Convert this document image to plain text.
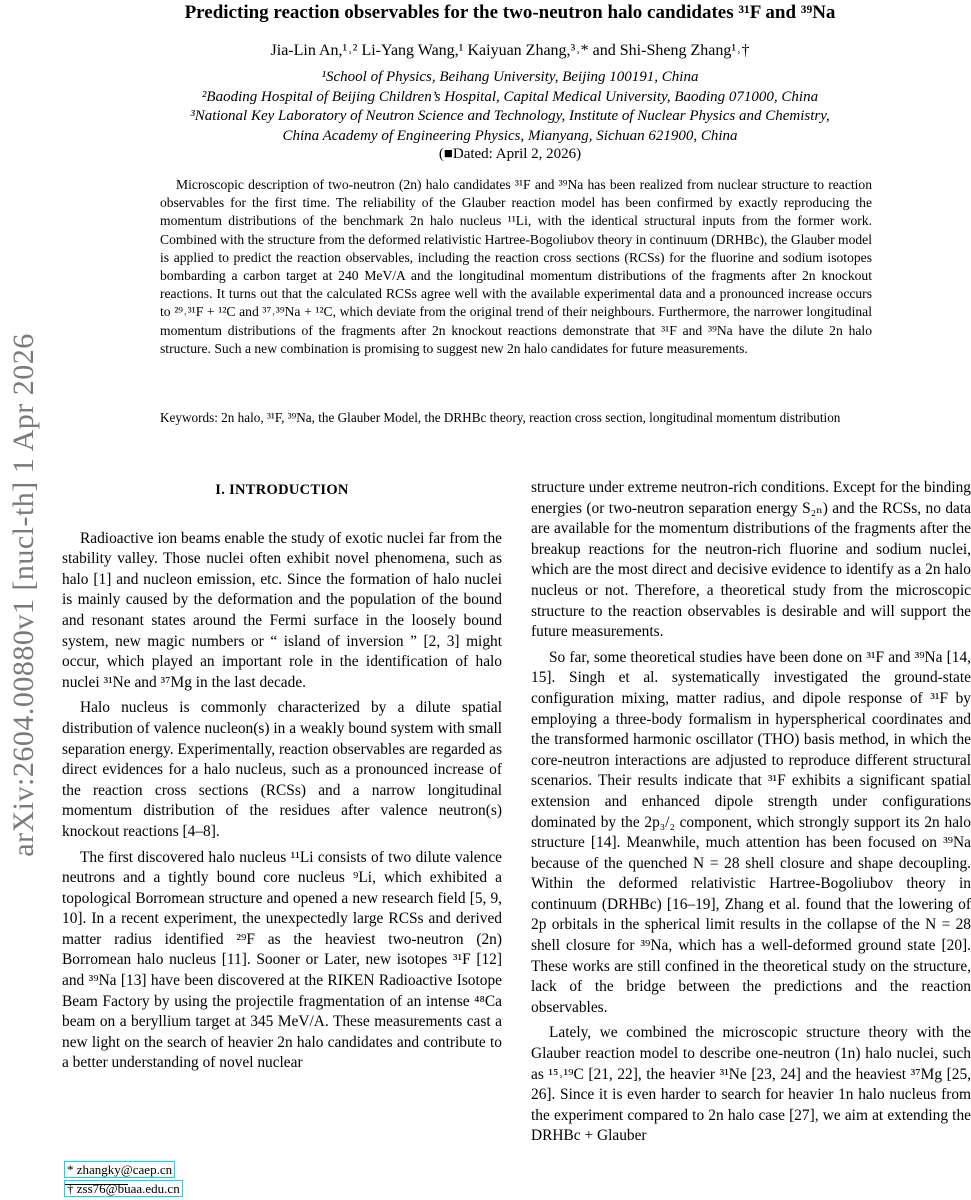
arXiv:2604.00880v1 [nucl-th] 1 Apr 2026
Predicting reaction observables for the two-neutron halo candidates ³¹F and ³⁹Na
Jia-Lin An,¹˒² Li-Yang Wang,¹ Kaiyuan Zhang,³˒* and Shi-Sheng Zhang¹˒†
¹School of Physics, Beihang University, Beijing 100191, China
²Baoding Hospital of Beijing Children’s Hospital, Capital Medical University, Baoding 071000, China
³National Key Laboratory of Neutron Science and Technology, Institute of Nuclear Physics and Chemistry,
China Academy of Engineering Physics, Mianyang, Sichuan 621900, China
(■Dated: April 2, 2026)

Microscopic description of two-neutron (2n) halo candidates ³¹F and ³⁹Na has been realized from nuclear structure to reaction observables for the first time. The reliability of the Glauber reaction model has been confirmed by exactly reproducing the momentum distributions of the benchmark 2n halo nucleus ¹¹Li, with the identical structural inputs from the former work. Combined with the structure from the deformed relativistic Hartree-Bogoliubov theory in continuum (DRHBc), the Glauber model is applied to predict the reaction observables, including the reaction cross sections (RCSs) for the fluorine and sodium isotopes bombarding a carbon target at 240 MeV/A and the longitudinal momentum distributions of the fragments after 2n knockout reactions. It turns out that the calculated RCSs agree well with the available experimental data and a pronounced increase occurs to ²⁹˒³¹F + ¹²C and ³⁷˒³⁹Na + ¹²C, which deviate from the original trend of their neighbours. Furthermore, the narrower longitudinal momentum distributions of the fragments after 2n knockout reactions demonstrate that ³¹F and ³⁹Na have the dilute 2n halo structure. Such a new combination is promising to suggest new 2n halo candidates for future measurements.

Keywords: 2n halo, ³¹F, ³⁹Na, the Glauber Model, the DRHBc theory, reaction cross section, longitudinal momentum distribution

I. INTRODUCTION

Radioactive ion beams enable the study of exotic nuclei far from the stability valley. Those nuclei often exhibit novel phenomena, such as halo [1] and nucleon emission, etc. Since the formation of halo nuclei is mainly caused by the deformation and the population of the bound and resonant states around the Fermi surface in the loosely bound system, new magic numbers or “ island of inversion ” [2, 3] might occur, which played an important role in the identification of halo nuclei ³¹Ne and ³⁷Mg in the last decade.

Halo nucleus is commonly characterized by a dilute spatial distribution of valence nucleon(s) in a weakly bound system with small separation energy. Experimentally, reaction observables are regarded as direct evidences for a halo nucleus, such as a pronounced increase of the reaction cross sections (RCSs) and a narrow longitudinal momentum distribution of the residues after valence neutron(s) knockout reactions [4–8].

The first discovered halo nucleus ¹¹Li consists of two dilute valence neutrons and a tightly bound core nucleus ⁹Li, which exhibited a topological Borromean structure and opened a new research field [5, 9, 10]. In a recent experiment, the unexpectedly large RCSs and derived matter radius identified ²⁹F as the heaviest two-neutron (2n) Borromean halo nucleus [11]. Sooner or Later, new isotopes ³¹F [12] and ³⁹Na [13] have been discovered at the RIKEN Radioactive Isotope Beam Factory by using the projectile fragmentation of an intense ⁴⁸Ca beam on a beryllium target at 345 MeV/A. These measurements cast a new light on the search of heavier 2n halo candidates and contribute to a better understanding of novel nuclear

structure under extreme neutron-rich conditions. Except for the binding energies (or two-neutron separation energy S₂ₙ) and the RCSs, no data are available for the momentum distributions of the fragments after the breakup reactions for the neutron-rich fluorine and sodium nuclei, which are the most direct and decisive evidence to identify as a 2n halo nucleus or not. Therefore, a theoretical study from the microscopic structure to the reaction observables is desirable and will support the future measurements.

So far, some theoretical studies have been done on ³¹F and ³⁹Na [14, 15]. Singh et al. systematically investigated the ground-state configuration mixing, matter radius, and dipole response of ³¹F by employing a three-body formalism in hyperspherical coordinates and the transformed harmonic oscillator (THO) basis method, in which the core-neutron interactions are adjusted to reproduce different structural scenarios. Their results indicate that ³¹F exhibits a significant spatial extension and enhanced dipole strength under configurations dominated by the 2p₃/₂ component, which strongly support its 2n halo structure [14]. Meanwhile, much attention has been focused on ³⁹Na because of the quenched N = 28 shell closure and shape decoupling. Within the deformed relativistic Hartree-Bogoliubov theory in continuum (DRHBc) [16–19], Zhang et al. found that the lowering of 2p orbitals in the spherical limit results in the collapse of the N = 28 shell closure for ³⁹Na, which has a well-deformed ground state [20]. These works are still confined in the theoretical study on the structure, lack of the bridge between the predictions and the reaction observables.

Lately, we combined the microscopic structure theory with the Glauber reaction model to describe one-neutron (1n) halo nuclei, such as ¹⁵˒¹⁹C [21, 22], the heavier ³¹Ne [23, 24] and the heaviest ³⁷Mg [25, 26]. Since it is even harder to search for heavier 1n halo nucleus from the experiment compared to 2n halo case [27], we aim at extending the DRHBc + Glauber

* zhangky@caep.cn
† zss76@buaa.edu.cn
